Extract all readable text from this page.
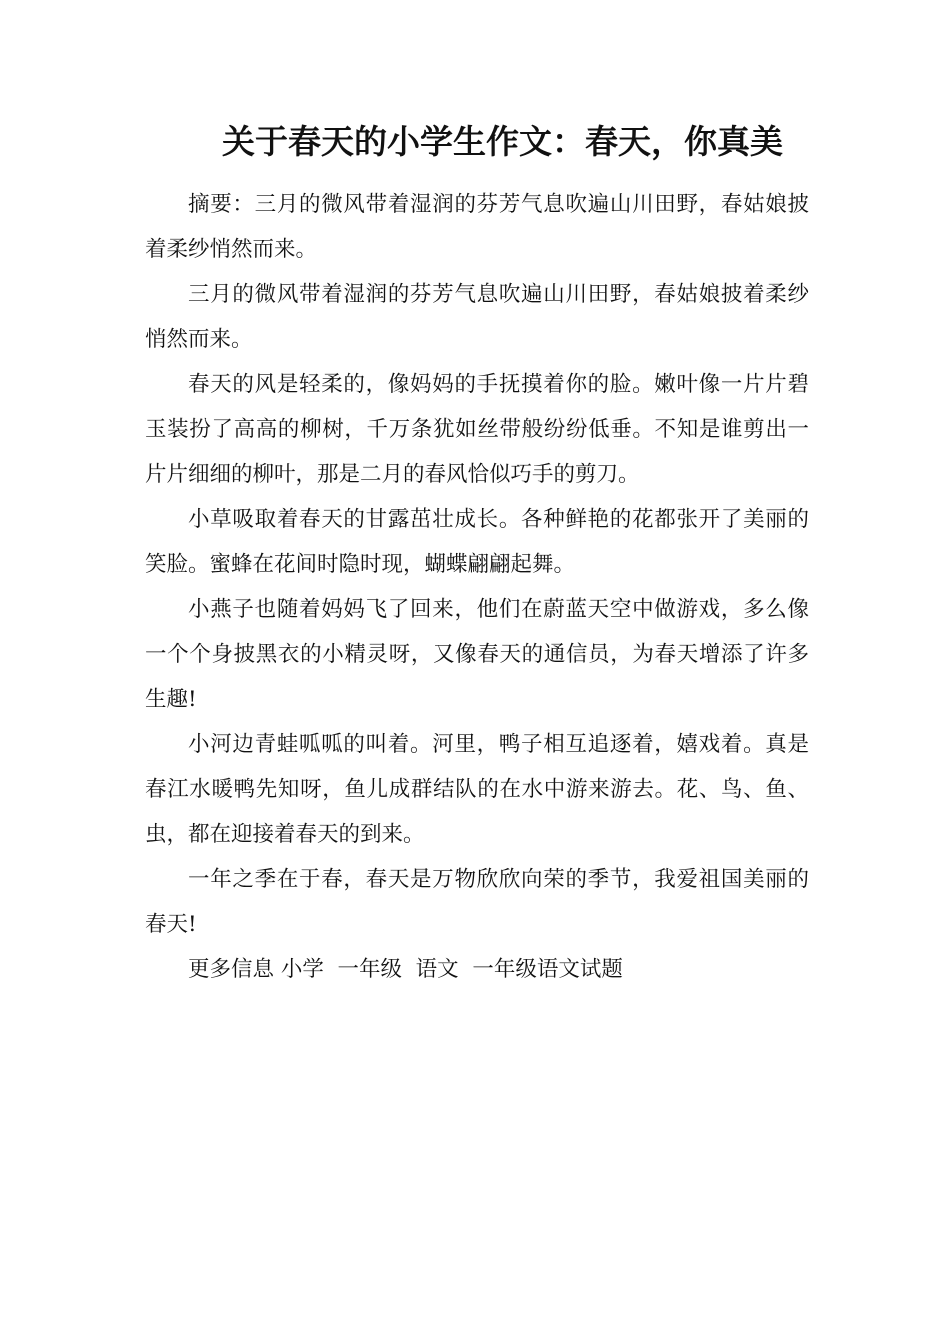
关于春天的小学生作文：春天，你真美

摘要：三月的微风带着湿润的芬芳气息吹遍山川田野，春姑娘披着柔纱悄然而来。

三月的微风带着湿润的芬芳气息吹遍山川田野，春姑娘披着柔纱悄然而来。

春天的风是轻柔的，像妈妈的手抚摸着你的脸。嫩叶像一片片碧玉装扮了高高的柳树，千万条犹如丝带般纷纷低垂。不知是谁剪出一片片细细的柳叶，那是二月的春风恰似巧手的剪刀。

小草吸取着春天的甘露茁壮成长。各种鲜艳的花都张开了美丽的笑脸。蜜蜂在花间时隐时现，蝴蝶翩翩起舞。

小燕子也随着妈妈飞了回来，他们在蔚蓝天空中做游戏，多么像一个个身披黑衣的小精灵呀，又像春天的通信员，为春天增添了许多生趣!

小河边青蛙呱呱的叫着。河里，鸭子相互追逐着，嬉戏着。真是春江水暖鸭先知呀，鱼儿成群结队的在水中游来游去。花、鸟、鱼、虫，都在迎接着春天的到来。

一年之季在于春，春天是万物欣欣向荣的季节，我爱祖国美丽的春天!

更多信息 小学  一年级  语文  一年级语文试题
